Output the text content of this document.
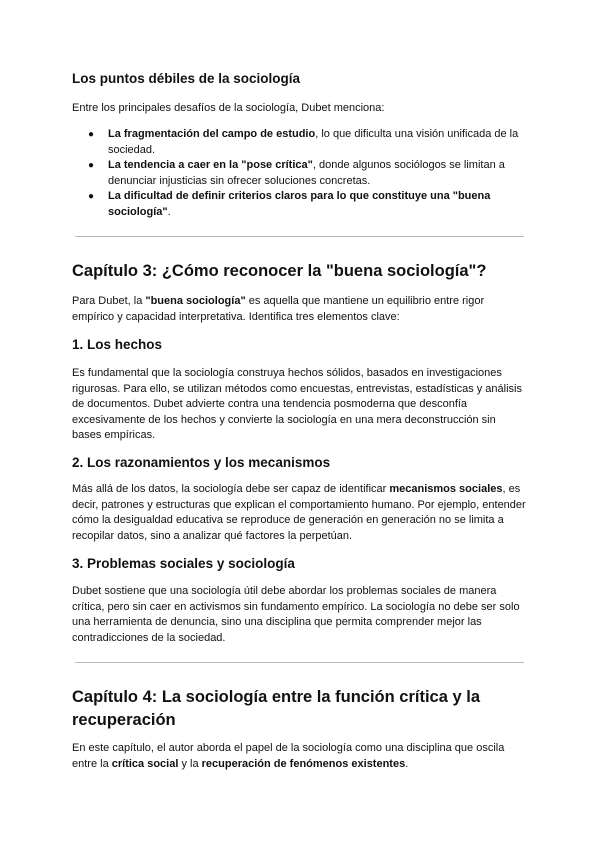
Los puntos débiles de la sociología

Entre los principales desafíos de la sociología, Dubet menciona:

● La fragmentación del campo de estudio, lo que dificulta una visión unificada de la sociedad.
● La tendencia a caer en la "pose crítica", donde algunos sociólogos se limitan a denunciar injusticias sin ofrecer soluciones concretas.
● La dificultad de definir criterios claros para lo que constituye una "buena sociología".
Capítulo 3: ¿Cómo reconocer la "buena sociología"?

Para Dubet, la "buena sociología" es aquella que mantiene un equilibrio entre rigor empírico y capacidad interpretativa. Identifica tres elementos clave:

1. Los hechos

Es fundamental que la sociología construya hechos sólidos, basados en investigaciones rigurosas. Para ello, se utilizan métodos como encuestas, entrevistas, estadísticas y análisis de documentos. Dubet advierte contra una tendencia posmoderna que desconfía excesivamente de los hechos y convierte la sociología en una mera deconstrucción sin bases empíricas.

2. Los razonamientos y los mecanismos

Más allá de los datos, la sociología debe ser capaz de identificar mecanismos sociales, es decir, patrones y estructuras que explican el comportamiento humano. Por ejemplo, entender cómo la desigualdad educativa se reproduce de generación en generación no se limita a recopilar datos, sino a analizar qué factores la perpetúan.

3. Problemas sociales y sociología

Dubet sostiene que una sociología útil debe abordar los problemas sociales de manera crítica, pero sin caer en activismos sin fundamento empírico. La sociología no debe ser solo una herramienta de denuncia, sino una disciplina que permita comprender mejor las contradicciones de la sociedad.

Capítulo 4: La sociología entre la función crítica y la recuperación

En este capítulo, el autor aborda el papel de la sociología como una disciplina que oscila entre la crítica social y la recuperación de fenómenos existentes.
